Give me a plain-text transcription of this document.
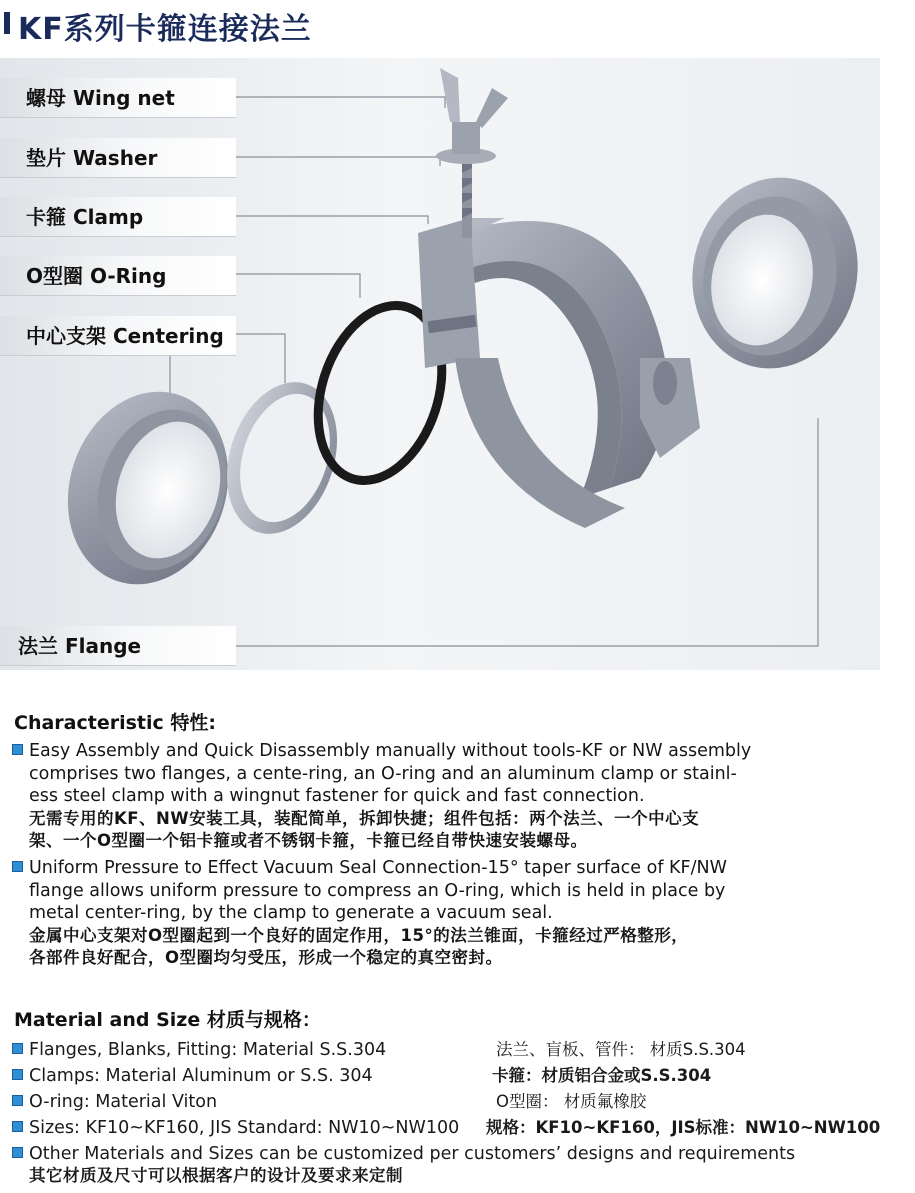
KF系列卡箍连接法兰
螺母 Wing net
垫片 Washer
卡箍 Clamp
O型圈 O-Ring
中心支架 Centering
法兰 Flange
Characteristic 特性:
Easy Assembly and Quick Disassembly manually without tools-KF or NW assembly
comprises two flanges, a cente-ring, an O-ring and an aluminum clamp or stainl-
ess steel clamp with a wingnut fastener for quick and fast connection.
无需专用的KF、NW安装工具，装配简单，拆卸快捷；组件包括：两个法兰、一个中心支
架、一个O型圈一个铝卡箍或者不锈钢卡箍，卡箍已经自带快速安装螺母。
Uniform Pressure to Effect Vacuum Seal Connection-15° taper surface of KF/NW
flange allows uniform pressure to compress an O-ring, which is held in place by
metal center-ring, by the clamp to generate a vacuum seal.
金属中心支架对O型圈起到一个良好的固定作用，15°的法兰锥面，卡箍经过严格整形，
各部件良好配合，O型圈均匀受压，形成一个稳定的真空密封。
Material and Size 材质与规格：
Flanges, Blanks, Fitting: Material S.S.304	法兰、盲板、管件： 材质S.S.304
Clamps: Material Aluminum or S.S. 304	卡箍：材质铝合金或S.S.304
O-ring: Material Viton	O型圈： 材质氟橡胶
Sizes: KF10~KF160, JIS Standard: NW10~NW100 规格：KF10~KF160，JIS标准：NW10~NW100
Other Materials and Sizes can be customized per customers’ designs and requirements
其它材质及尺寸可以根据客户的设计及要求来定制
